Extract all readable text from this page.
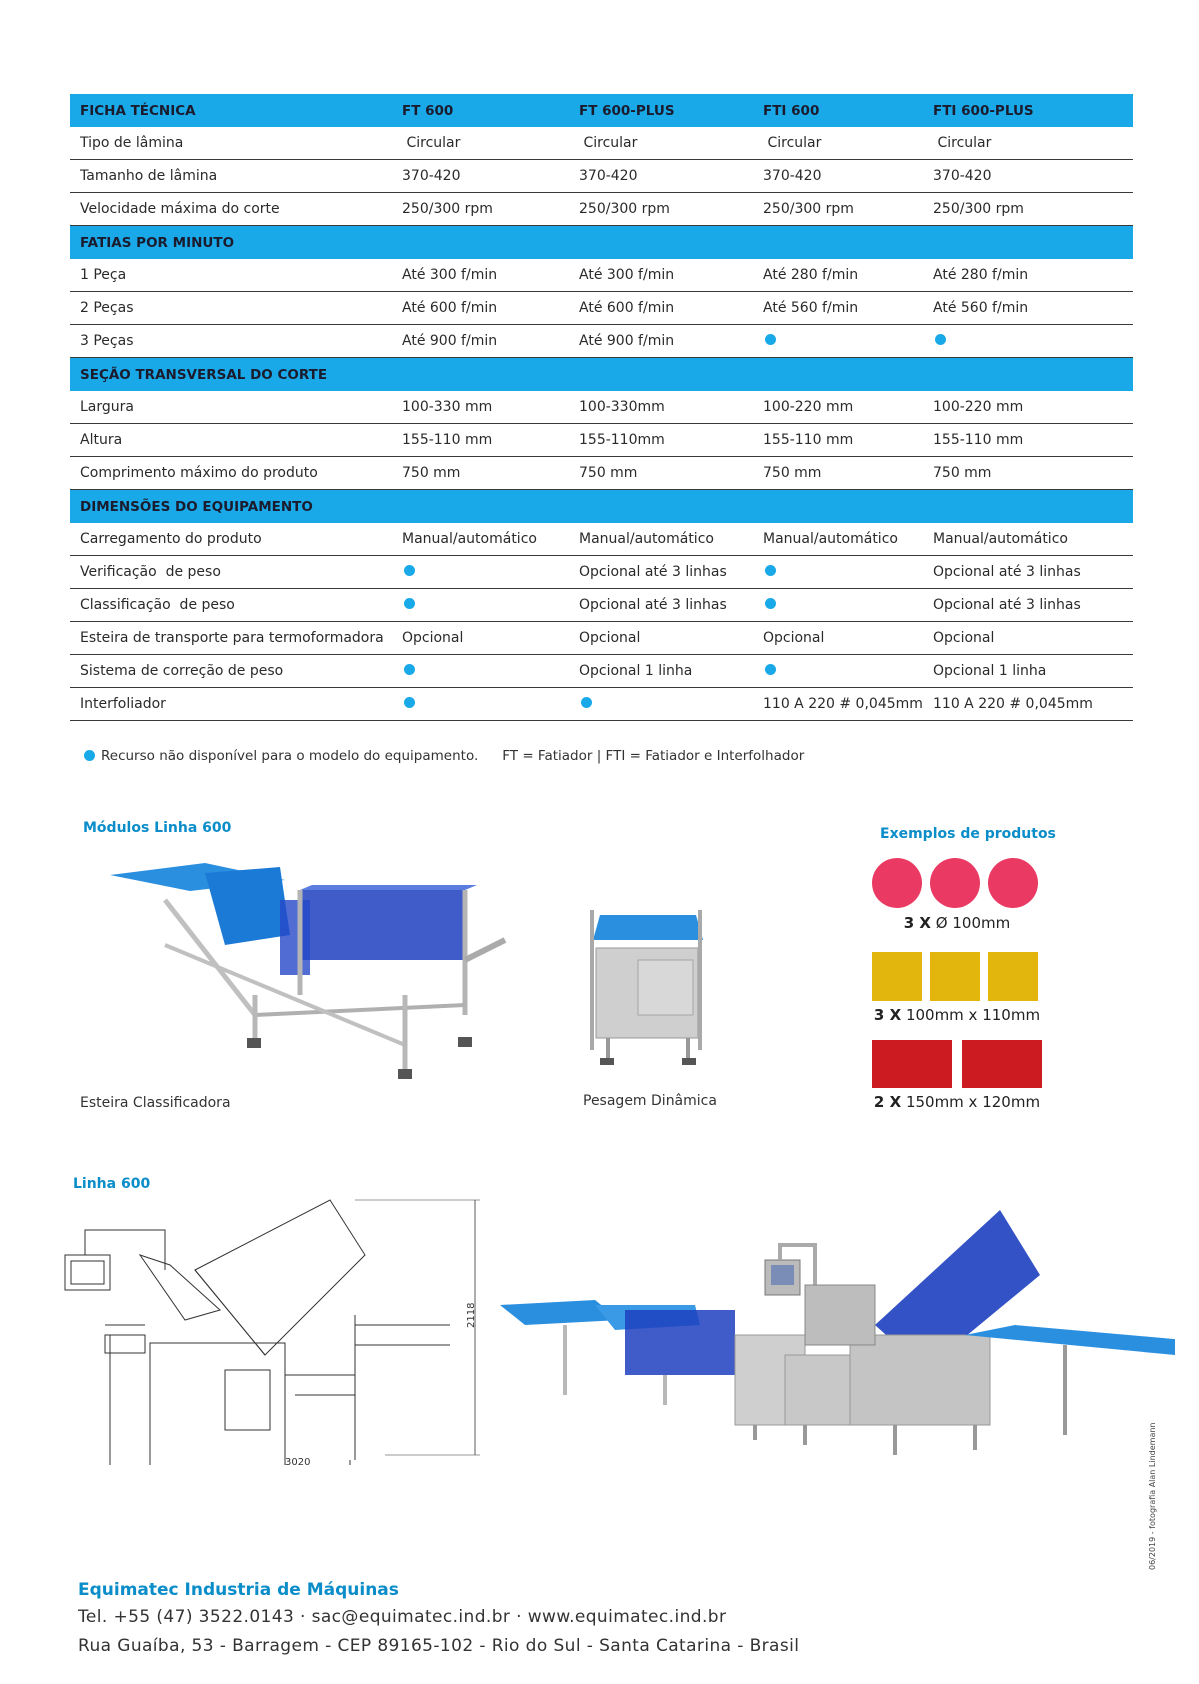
FICHA TÉCNICA	FT 600	FT 600-PLUS	FTI 600	FTI 600-PLUS
Tipo de lâmina	Circular	Circular	Circular	Circular
Tamanho de lâmina	370-420	370-420	370-420	370-420
Velocidade máxima do corte	250/300 rpm	250/300 rpm	250/300 rpm	250/300 rpm
FATIAS POR MINUTO				
1 Peça	Até 300 f/min	Até 300 f/min	Até 280 f/min	Até 280 f/min
2 Peças	Até 600 f/min	Até 600 f/min	Até 560 f/min	Até 560 f/min
3 Peças	Até 900 f/min	Até 900 f/min		
SEÇÃO TRANSVERSAL DO CORTE				
Largura	100-330 mm	100-330mm	100-220 mm	100-220 mm
Altura	155-110 mm	155-110mm	155-110 mm	155-110 mm
Comprimento máximo do produto	750 mm	750 mm	750 mm	750 mm
DIMENSÕES DO EQUIPAMENTO				
Carregamento do produto	Manual/automático	Manual/automático	Manual/automático	Manual/automático
Verificação  de peso		Opcional até 3 linhas		Opcional até 3 linhas
Classificação  de peso		Opcional até 3 linhas		Opcional até 3 linhas
Esteira de transporte para termoformadora	Opcional	Opcional	Opcional	Opcional
Sistema de correção de peso		Opcional 1 linha		Opcional 1 linha
Interfoliador			110 A 220 # 0,045mm	110 A 220 # 0,045mm
Recurso não disponível para o modelo do equipamento. FT = Fatiador | FTI = Fatiador e Interfolhador
Módulos Linha 600
Esteira Classificadora	Pesagem Dinâmica
Exemplos de produtos
3 X Ø 100mm
3 X 100mm x 110mm
2 X 150mm x 120mm
Linha 600
3020
2118
06/2019 - fotografia Alan Lindemann
Equimatec Industria de Máquinas
Tel. +55 (47) 3522.0143 · sac@equimatec.ind.br · www.equimatec.ind.br
Rua Guaíba, 53 - Barragem - CEP 89165-102 - Rio do Sul - Santa Catarina - Brasil
